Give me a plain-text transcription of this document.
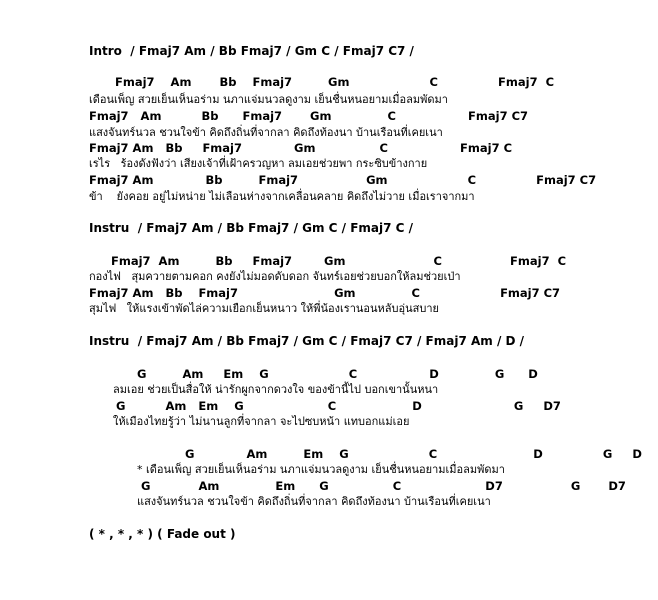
Intro  / Fmaj7 Am / Bb Fmaj7 / Gm C / Fmaj7 C7 /
Fmaj7    Am       Bb    Fmaj7         Gm                    C               Fmaj7  C
เดือนเพ็ญ สวยเย็นเห็นอร่าม นภาแจ่มนวลดูงาม เย็นชื่นหนอยามเมื่อลมพัดมา
Fmaj7   Am          Bb      Fmaj7       Gm              C                  Fmaj7 C7
แสงจันทร์นวล ชวนใจข้า คิดถึงถิ่นที่จากลา คิดถึงท้องนา บ้านเรือนที่เคยเนา
Fmaj7 Am   Bb     Fmaj7             Gm                C                  Fmaj7 C
เรไร   ร้องดังฟังว่า เสียงเจ้าที่เฝ้าครวญหา ลมเอยช่วยพา กระซิบข้างกาย
Fmaj7 Am             Bb         Fmaj7                 Gm                    C               Fmaj7 C7
ข้า    ยังคอย อยู่ไม่หน่าย ไม่เลือนห่างจากเคลื่อนคลาย คิดถึงไม่วาย เมื่อเราจากมา
Instru  / Fmaj7 Am / Bb Fmaj7 / Gm C / Fmaj7 C /
Fmaj7  Am         Bb     Fmaj7        Gm                      C                 Fmaj7  C
กองไฟ   สุมควายตามคอก คงยังไม่มอดดับดอก จันทร์เอยช่วยบอกให้ลมช่วยเป่า
Fmaj7 Am   Bb    Fmaj7                        Gm              C                    Fmaj7 C7
สุมไฟ   ให้แรงเข้าพัดไล่ความเยือกเย็นหนาว ให้พี่น้องเรานอนหลับอุ่นสบาย
Instru  / Fmaj7 Am / Bb Fmaj7 / Gm C / Fmaj7 C7 / Fmaj7 Am / D /
G         Am     Em    G                    C                  D              G      D
ลมเอย ช่วยเป็นสื่อให้ น่ารักผูกจากดวงใจ ของข้านี้ไป บอกเขานั้นหนา
G          Am   Em    G                     C                   D                       G     D7
ให้เมืองไทยรู้ว่า ไม่นานลูกที่จากลา จะไปซบหน้า แทบอกแม่เอย
G             Am         Em    G                    C                        D               G     D
* เดือนเพ็ญ สวยเย็นเห็นอร่าม นภาแจ่มนวลดูงาม เย็นชื่นหนอยามเมื่อลมพัดมา
G            Am              Em      G                C                     D7                 G       D7
แสงจันทร์นวล ชวนใจข้า คิดถึงถิ่นที่จากลา คิดถึงท้องนา บ้านเรือนที่เคยเนา
( * , * , * ) ( Fade out )
